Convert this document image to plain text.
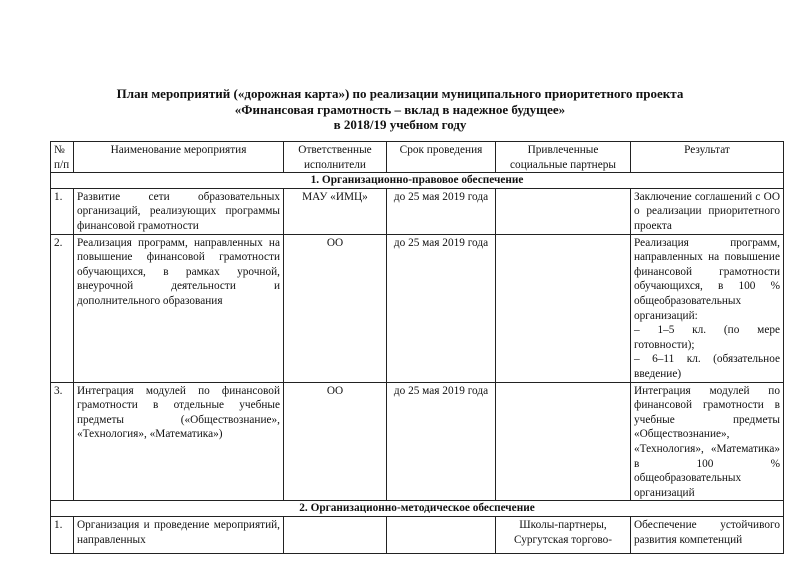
План мероприятий («дорожная карта») по реализации муниципального приоритетного проекта
«Финансовая грамотность – вклад в надежное будущее»
в 2018/19 учебном году
№ п/п	Наименование мероприятия	Ответственные исполнители	Срок проведения	Привлеченные социальные партнеры	Результат
1. Организационно-правовое обеспечение					
1.	Развитие сети образовательных организаций, реализующих программы финансовой грамотности	МАУ «ИМЦ»	до 25 мая 2019 года		Заключение соглашений с ОО о реализации приоритетного проекта
2.	Реализация программ, направленных на повышение финансовой грамотности обучающихся, в рамках урочной, внеурочной деятельности и дополнительного образования	ОО	до 25 мая 2019 года		Реализация программ, направленных на повышение финансовой грамотности обучающихся, в 100 % общеобразовательных организаций:
– 1–5 кл. (по мере готовности);
– 6–11 кл. (обязательное введение)

3.	Интеграция модулей по финансовой грамотности в отдельные учебные предметы («Обществознание», «Технология», «Математика»)	ОО	до 25 мая 2019 года		Интеграция модулей по финансовой грамотности в учебные предметы «Обществознание», «Технология», «Математика» в 100 % общеобразовательных организаций
2. Организационно-методическое обеспечение					
1.	Организация и проведение мероприятий, направленных			Школы-партнеры, Сургутская торгово-	Обеспечение устойчивого развития компетенций
